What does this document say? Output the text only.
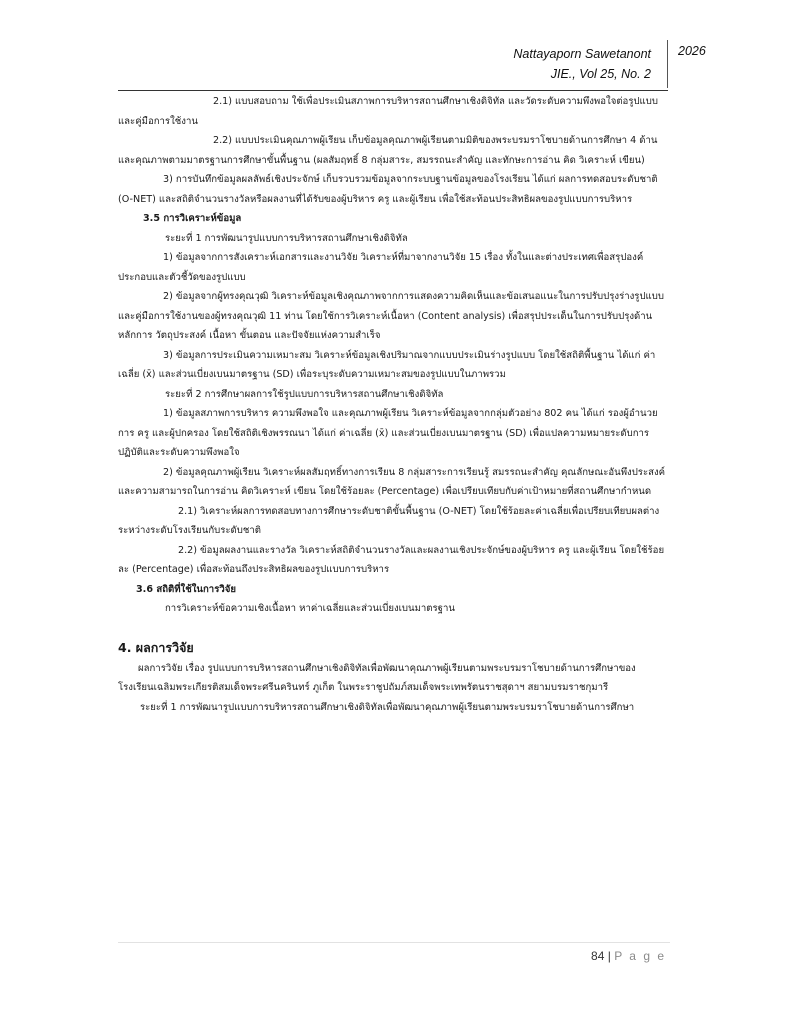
Nattayaporn Sawetanont
JIE., Vol 25, No. 2
2026

2.1) แบบสอบถาม ใช้เพื่อประเมินสภาพการบริหารสถานศึกษาเชิงดิจิทัล และวัดระดับความพึงพอใจต่อรูปแบบและคู่มือการใช้งาน

2.2) แบบประเมินคุณภาพผู้เรียน เก็บข้อมูลคุณภาพผู้เรียนตามมิติของพระบรมราโชบายด้านการศึกษา 4 ด้าน และคุณภาพตามมาตรฐานการศึกษาขั้นพื้นฐาน (ผลสัมฤทธิ์ 8 กลุ่มสาระ, สมรรถนะสำคัญ และทักษะการอ่าน คิด วิเคราะห์ เขียน)

3) การบันทึกข้อมูลผลลัพธ์เชิงประจักษ์ เก็บรวบรวมข้อมูลจากระบบฐานข้อมูลของโรงเรียน ได้แก่ ผลการทดสอบระดับชาติ (O-NET) และสถิติจำนวนรางวัลหรือผลงานที่ได้รับของผู้บริหาร ครู และผู้เรียน เพื่อใช้สะท้อนประสิทธิผลของรูปแบบการบริหาร

3.5 การวิเคราะห์ข้อมูล

ระยะที่ 1 การพัฒนารูปแบบการบริหารสถานศึกษาเชิงดิจิทัล

1) ข้อมูลจากการสังเคราะห์เอกสารและงานวิจัย วิเคราะห์ที่มาจากงานวิจัย 15 เรื่อง ทั้งในและต่างประเทศเพื่อสรุปองค์ประกอบและตัวชี้วัดของรูปแบบ

2) ข้อมูลจากผู้ทรงคุณวุฒิ วิเคราะห์ข้อมูลเชิงคุณภาพจากการแสดงความคิดเห็นและข้อเสนอแนะในการปรับปรุงร่างรูปแบบและคู่มือการใช้งานของผู้ทรงคุณวุฒิ 11 ท่าน โดยใช้การวิเคราะห์เนื้อหา (Content analysis) เพื่อสรุปประเด็นในการปรับปรุงด้านหลักการ วัตถุประสงค์ เนื้อหา ขั้นตอน และปัจจัยแห่งความสำเร็จ

3) ข้อมูลการประเมินความเหมาะสม วิเคราะห์ข้อมูลเชิงปริมาณจากแบบประเมินร่างรูปแบบ โดยใช้สถิติพื้นฐาน ได้แก่ ค่าเฉลี่ย (x̄) และส่วนเบี่ยงเบนมาตรฐาน (SD) เพื่อระบุระดับความเหมาะสมของรูปแบบในภาพรวม

ระยะที่ 2 การศึกษาผลการใช้รูปแบบการบริหารสถานศึกษาเชิงดิจิทัล

1) ข้อมูลสภาพการบริหาร ความพึงพอใจ และคุณภาพผู้เรียน วิเคราะห์ข้อมูลจากกลุ่มตัวอย่าง 802 คน ได้แก่ รองผู้อำนวยการ ครู และผู้ปกครอง โดยใช้สถิติเชิงพรรณนา ได้แก่ ค่าเฉลี่ย (x̄) และส่วนเบี่ยงเบนมาตรฐาน (SD) เพื่อแปลความหมายระดับการปฏิบัติและระดับความพึงพอใจ

2) ข้อมูลคุณภาพผู้เรียน วิเคราะห์ผลสัมฤทธิ์ทางการเรียน 8 กลุ่มสาระการเรียนรู้ สมรรถนะสำคัญ คุณลักษณะอันพึงประสงค์ และความสามารถในการอ่าน คิดวิเคราะห์ เขียน โดยใช้ร้อยละ (Percentage) เพื่อเปรียบเทียบกับค่าเป้าหมายที่สถานศึกษากำหนด

2.1) วิเคราะห์ผลการทดสอบทางการศึกษาระดับชาติขั้นพื้นฐาน (O-NET) โดยใช้ร้อยละค่าเฉลี่ยเพื่อเปรียบเทียบผลต่างระหว่างระดับโรงเรียนกับระดับชาติ

2.2) ข้อมูลผลงานและรางวัล วิเคราะห์สถิติจำนวนรางวัลและผลงานเชิงประจักษ์ของผู้บริหาร ครู และผู้เรียน โดยใช้ร้อยละ (Percentage) เพื่อสะท้อนถึงประสิทธิผลของรูปแบบการบริหาร

3.6 สถิติที่ใช้ในการวิจัย

การวิเคราะห์ข้อความเชิงเนื้อหา หาค่าเฉลี่ยและส่วนเบี่ยงเบนมาตรฐาน

4. ผลการวิจัย

ผลการวิจัย เรื่อง รูปแบบการบริหารสถานศึกษาเชิงดิจิทัลเพื่อพัฒนาคุณภาพผู้เรียนตามพระบรมราโชบายด้านการศึกษาของโรงเรียนเฉลิมพระเกียรติสมเด็จพระศรีนครินทร์ ภูเก็ต ในพระราชูปถัมภ์สมเด็จพระเทพรัตนราชสุดาฯ สยามบรมราชกุมารี

ระยะที่ 1 การพัฒนารูปแบบการบริหารสถานศึกษาเชิงดิจิทัลเพื่อพัฒนาคุณภาพผู้เรียนตามพระบรมราโชบายด้านการศึกษา

84 | P a g e
